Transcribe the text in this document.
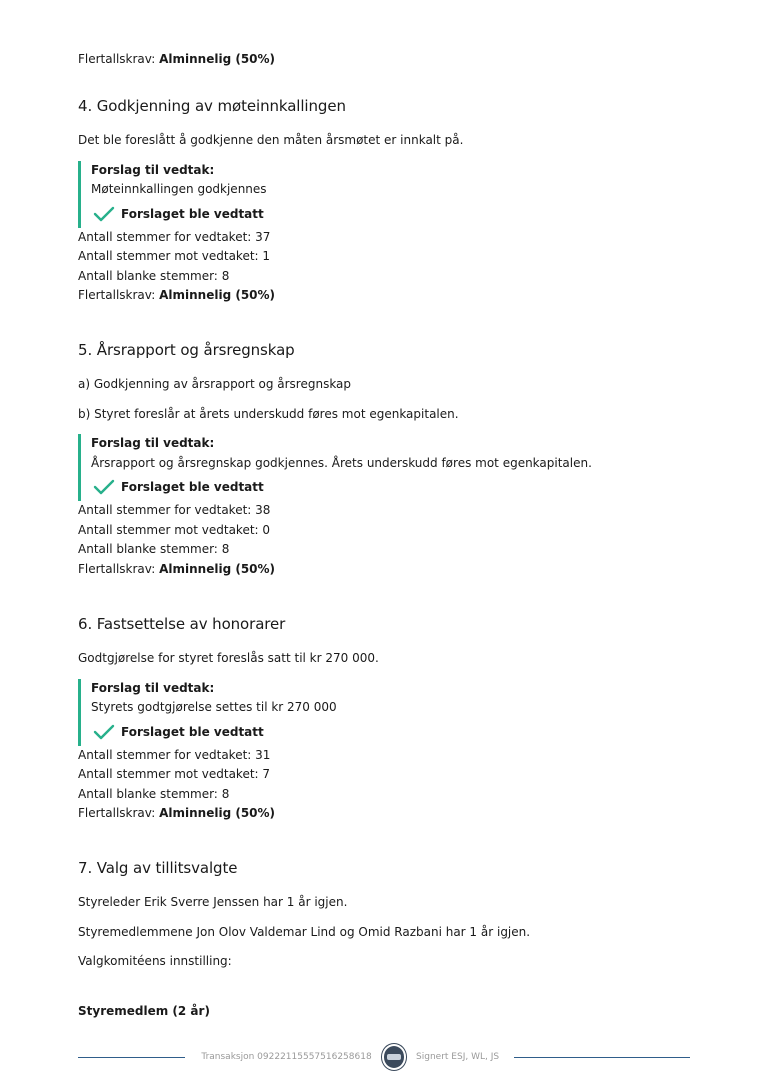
Flertallskrav: Alminnelig (50%)

4. Godkjenning av møteinnkallingen

Det ble foreslått å godkjenne den måten årsmøtet er innkalt på.

Forslag til vedtak:
Møteinnkallingen godkjennes
Forslaget ble vedtatt

Antall stemmer for vedtaket: 37

Antall stemmer mot vedtaket: 1

Antall blanke stemmer: 8

Flertallskrav: Alminnelig (50%)

5. Årsrapport og årsregnskap

a) Godkjenning av årsrapport og årsregnskap

b) Styret foreslår at årets underskudd føres mot egenkapitalen.

Forslag til vedtak:
Årsrapport og årsregnskap godkjennes. Årets underskudd føres mot egenkapitalen.
Forslaget ble vedtatt

Antall stemmer for vedtaket: 38

Antall stemmer mot vedtaket: 0

Antall blanke stemmer: 8

Flertallskrav: Alminnelig (50%)

6. Fastsettelse av honorarer

Godtgjørelse for styret foreslås satt til kr 270 000.

Forslag til vedtak:
Styrets godtgjørelse settes til kr 270 000
Forslaget ble vedtatt

Antall stemmer for vedtaket: 31

Antall stemmer mot vedtaket: 7

Antall blanke stemmer: 8

Flertallskrav: Alminnelig (50%)

7. Valg av tillitsvalgte

Styreleder Erik Sverre Jenssen har 1 år igjen.

Styremedlemmene Jon Olov Valdemar Lind og Omid Razbani har 1 år igjen.

Valgkomitéens innstilling:

Styremedlem (2 år)

Transaksjon 09222115557516258618	Signert ESJ, WL, JS
